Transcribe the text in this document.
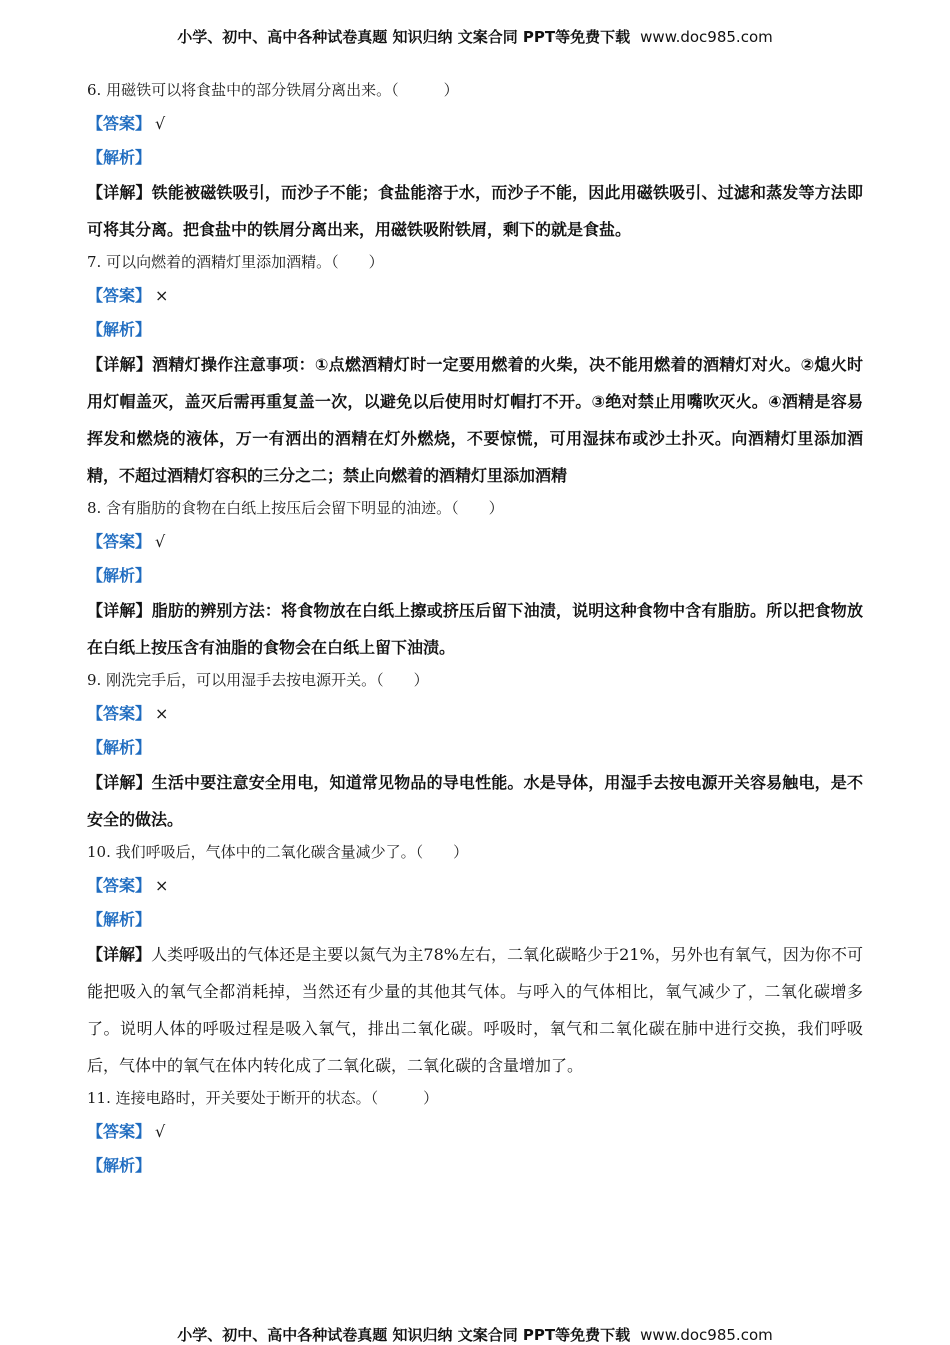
小学、初中、高中各种试卷真题 知识归纳 文案合同 PPT等免费下载 www.doc985.com

6. 用磁铁可以将食盐中的部分铁屑分离出来。（　　　）

【答案】 √

【解析】

【详解】铁能被磁铁吸引，而沙子不能；食盐能溶于水，而沙子不能，因此用磁铁吸引、过滤和蒸发等方法即可将其分离。把食盐中的铁屑分离出来，用磁铁吸附铁屑，剩下的就是食盐。

7. 可以向燃着的酒精灯里添加酒精。（　　）

【答案】 ×

【解析】

【详解】酒精灯操作注意事项：①点燃酒精灯时一定要用燃着的火柴，决不能用燃着的酒精灯对火。②熄火时用灯帽盖灭，盖灭后需再重复盖一次，以避免以后使用时灯帽打不开。③绝对禁止用嘴吹灭火。④酒精是容易挥发和燃烧的液体，万一有洒出的酒精在灯外燃烧，不要惊慌，可用湿抹布或沙土扑灭。向酒精灯里添加酒精，不超过酒精灯容积的三分之二；禁止向燃着的酒精灯里添加酒精

8. 含有脂肪的食物在白纸上按压后会留下明显的油迹。（　　）

【答案】 √

【解析】

【详解】脂肪的辨别方法：将食物放在白纸上擦或挤压后留下油渍，说明这种食物中含有脂肪。所以把食物放在白纸上按压含有油脂的食物会在白纸上留下油渍。

9. 刚洗完手后，可以用湿手去按电源开关。（　　）

【答案】 ×

【解析】

【详解】生活中要注意安全用电，知道常见物品的导电性能。水是导体，用湿手去按电源开关容易触电，是不安全的做法。

10. 我们呼吸后，气体中的二氧化碳含量减少了。（　　）

【答案】 ×

【解析】

【详解】人类呼吸出的气体还是主要以氮气为主78%左右，二氧化碳略少于21%，另外也有氧气，因为你不可能把吸入的氧气全都消耗掉，当然还有少量的其他其气体。与呼入的气体相比，氧气减少了，二氧化碳增多了。说明人体的呼吸过程是吸入氧气，排出二氧化碳。呼吸时，氧气和二氧化碳在肺中进行交换，我们呼吸后，气体中的氧气在体内转化成了二氧化碳，二氧化碳的含量增加了。

11. 连接电路时，开关要处于断开的状态。（　　　）

【答案】 √

【解析】

小学、初中、高中各种试卷真题 知识归纳 文案合同 PPT等免费下载 www.doc985.com
